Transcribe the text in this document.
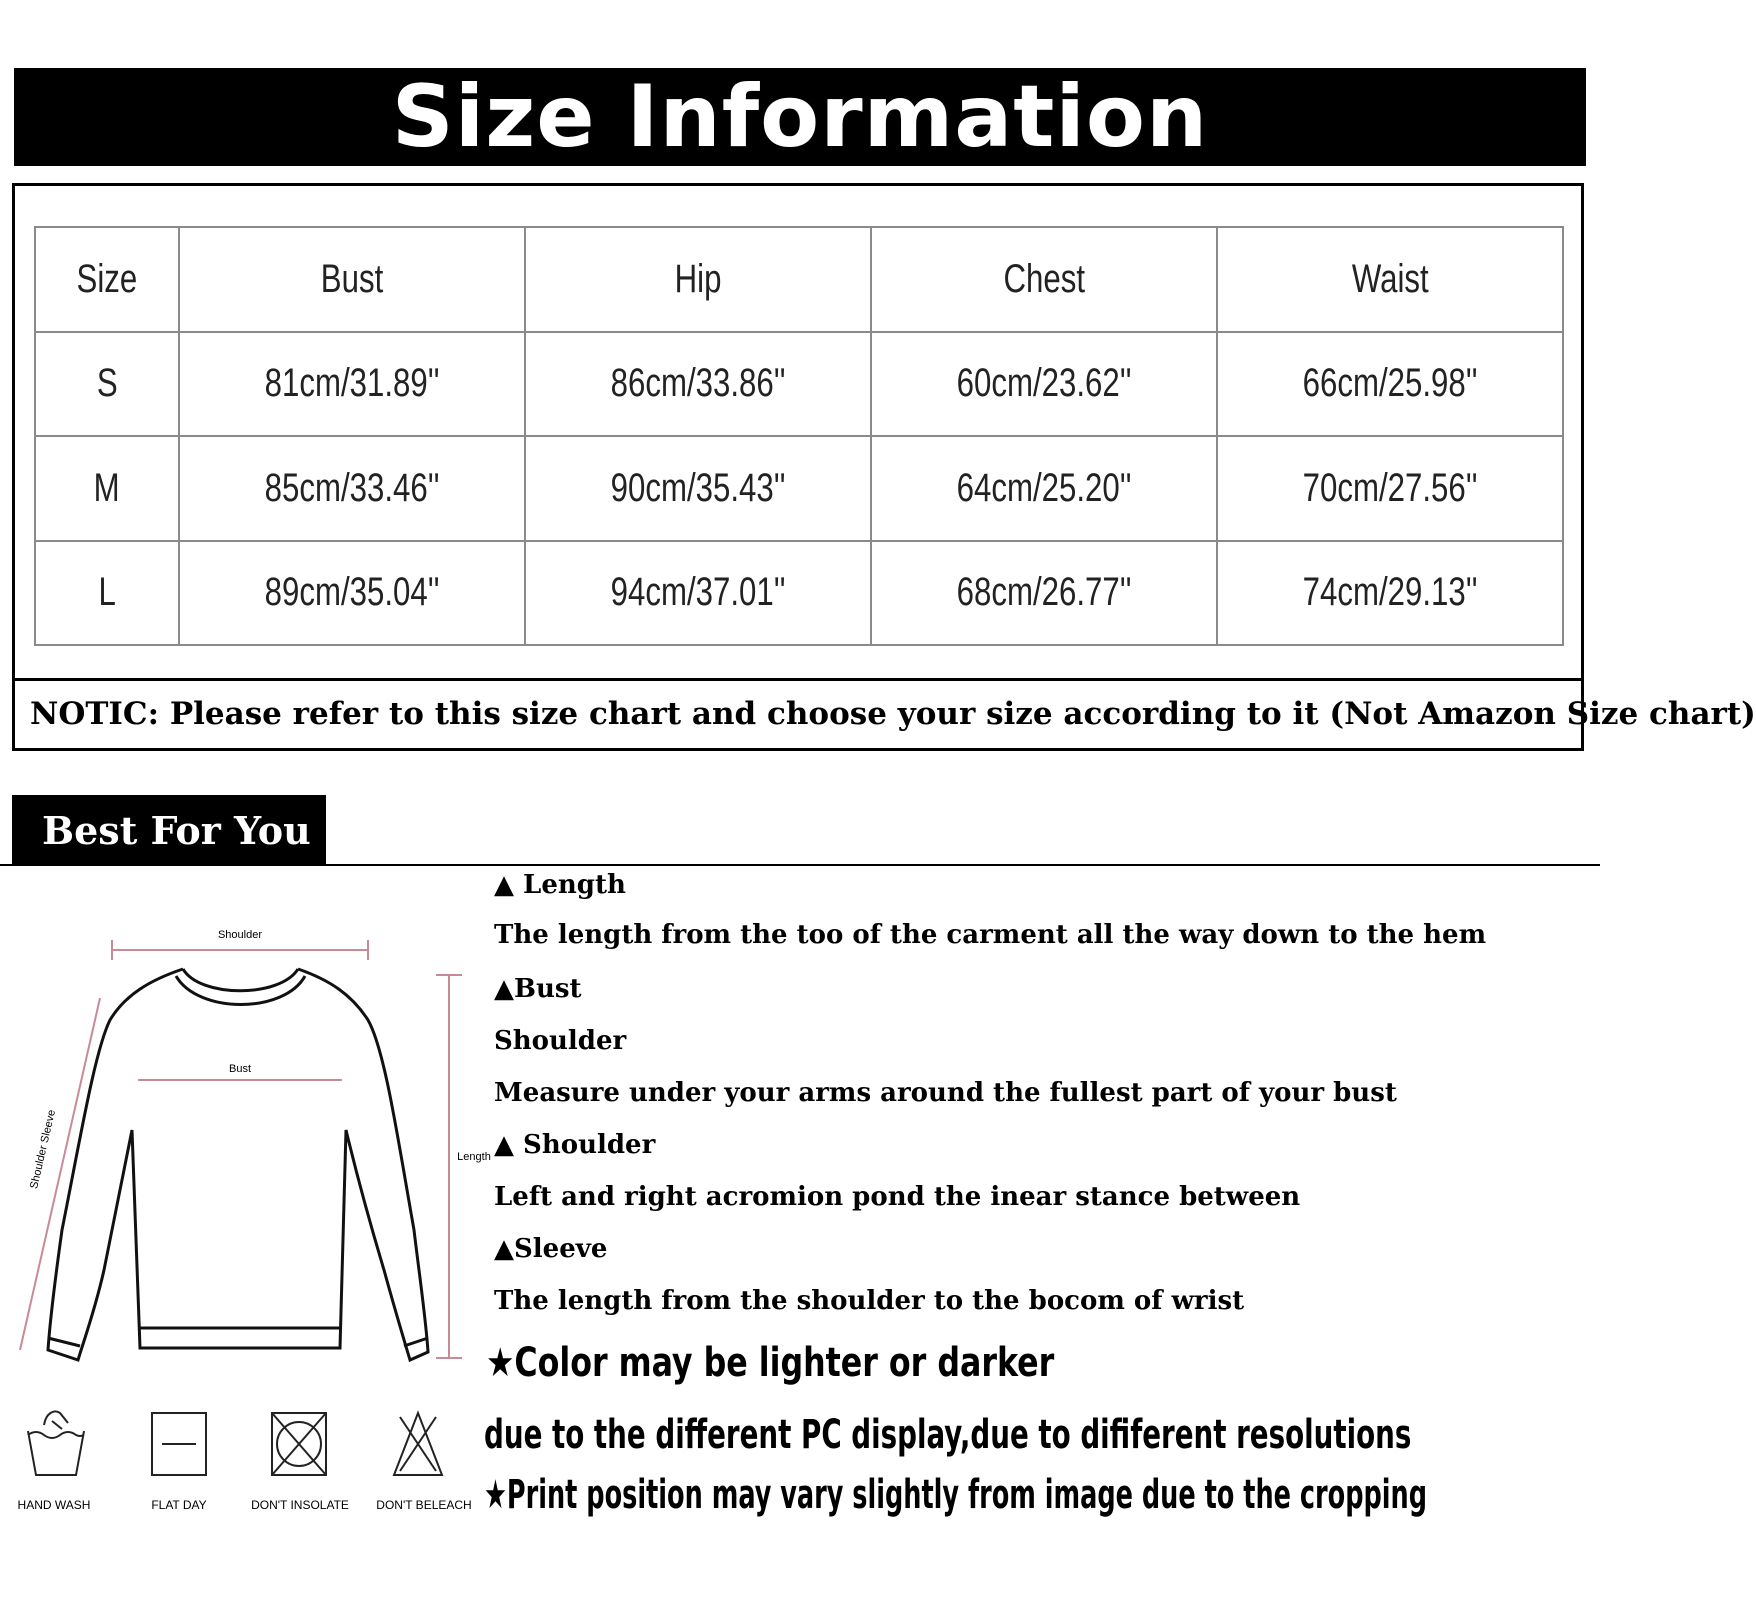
Size Information
Size	Bust	Hip	Chest	Waist
S	81cm/31.89''	86cm/33.86''	60cm/23.62''	66cm/25.98''
M	85cm/33.46''	90cm/35.43''	64cm/25.20''	70cm/27.56''
L	89cm/35.04''	94cm/37.01''	68cm/26.77''	74cm/29.13''
NOTIC: Please refer to this size chart and choose your size according to it (Not Amazon Size chart)
Best For You
Shoulder
Bust
Length
Shoulder Sleeve
▲ Length
The length from the too of the carment all the way down to the hem
▲Bust
Shoulder
Measure under your arms around the fullest part of your bust
▲ Shoulder
Left and right acromion pond the inear stance between
▲Sleeve
The length from the shoulder to the bocom of wrist
★Color may be lighter or darker
due to the different PC display,due to dififerent resolutions
★Print position may vary slightly from image due to the cropping
HAND WASH	FLAT DAY	DON'T INSOLATE	DON'T BELEACH
